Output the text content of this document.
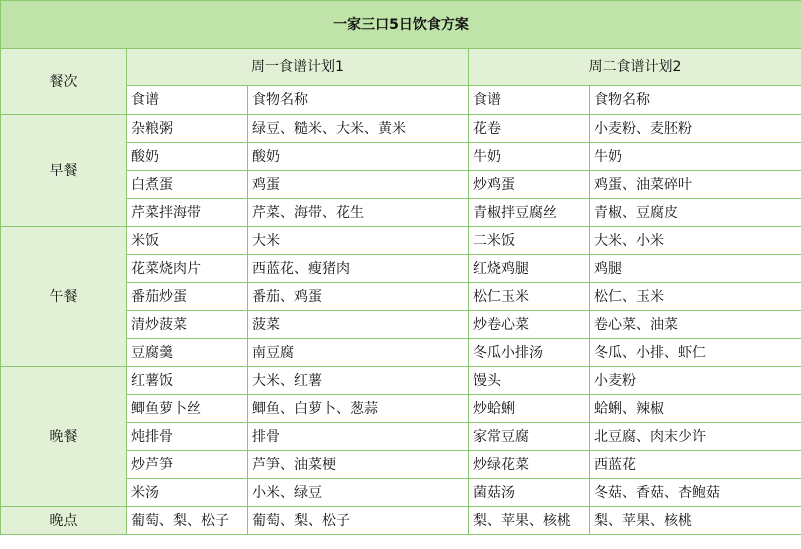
一家三口5日饮食方案				
餐次	周一食谱计划1		周二食谱计划2	
	食谱	食物名称	食谱	食物名称
早餐	杂粮粥	绿豆、糙米、大米、黄米	花卷	小麦粉、麦胚粉
	酸奶	酸奶	牛奶	牛奶
	白煮蛋	鸡蛋	炒鸡蛋	鸡蛋、油菜碎叶
	芹菜拌海带	芹菜、海带、花生	青椒拌豆腐丝	青椒、豆腐皮
午餐	米饭	大米	二米饭	大米、小米
	花菜烧肉片	西蓝花、瘦猪肉	红烧鸡腿	鸡腿
	番茄炒蛋	番茄、鸡蛋	松仁玉米	松仁、玉米
	清炒菠菜	菠菜	炒卷心菜	卷心菜、油菜
	豆腐羹	南豆腐	冬瓜小排汤	冬瓜、小排、虾仁
晚餐	红薯饭	大米、红薯	馒头	小麦粉
	鲫鱼萝卜丝	鲫鱼、白萝卜、葱蒜	炒蛤蜊	蛤蜊、辣椒
	炖排骨	排骨	家常豆腐	北豆腐、肉末少许
	炒芦笋	芦笋、油菜梗	炒绿花菜	西蓝花
	米汤	小米、绿豆	菌菇汤	冬菇、香菇、杏鲍菇
晚点	葡萄、梨、松子	葡萄、梨、松子	梨、苹果、核桃	梨、苹果、核桃
